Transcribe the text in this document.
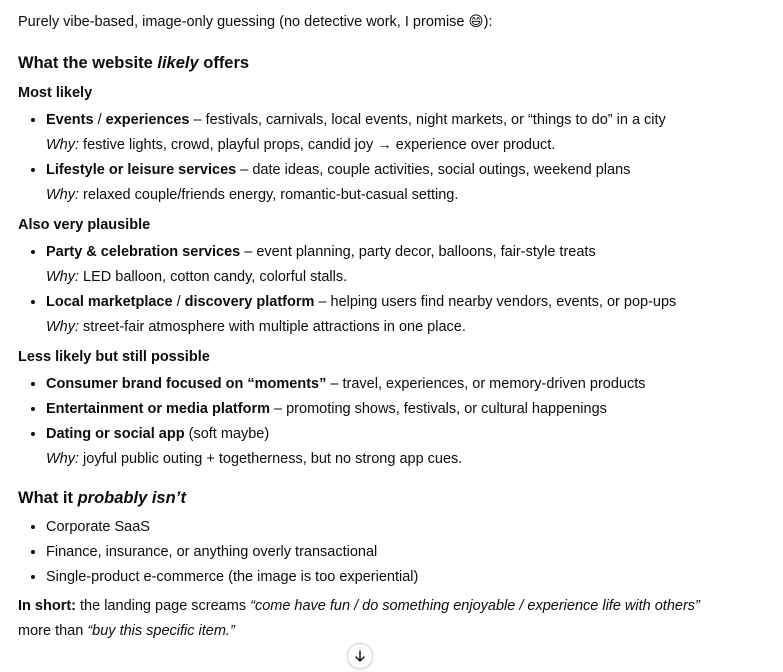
Purely vibe-based, image-only guessing (no detective work, I promise 😄):

What the website likely offers
Most likely
• Events / experiences – festivals, carnivals, local events, night markets, or “things to do” in a city
Why: festive lights, crowd, playful props, candid joy → experience over product.
• Lifestyle or leisure services – date ideas, couple activities, social outings, weekend plans
Why: relaxed couple/friends energy, romantic-but-casual setting.
Also very plausible
• Party & celebration services – event planning, party decor, balloons, fair-style treats
Why: LED balloon, cotton candy, colorful stalls.
• Local marketplace / discovery platform – helping users find nearby vendors, events, or pop-ups
Why: street-fair atmosphere with multiple attractions in one place.
Less likely but still possible
• Consumer brand focused on “moments” – travel, experiences, or memory-driven products
• Entertainment or media platform – promoting shows, festivals, or cultural happenings
• Dating or social app (soft maybe)
Why: joyful public outing + togetherness, but no strong app cues.
What it probably isn’t
• Corporate SaaS
• Finance, insurance, or anything overly transactional
• Single-product e-commerce (the image is too experiential)

In short: the landing page screams “come have fun / do something enjoyable / experience life with others”
more than “buy this specific item.”
